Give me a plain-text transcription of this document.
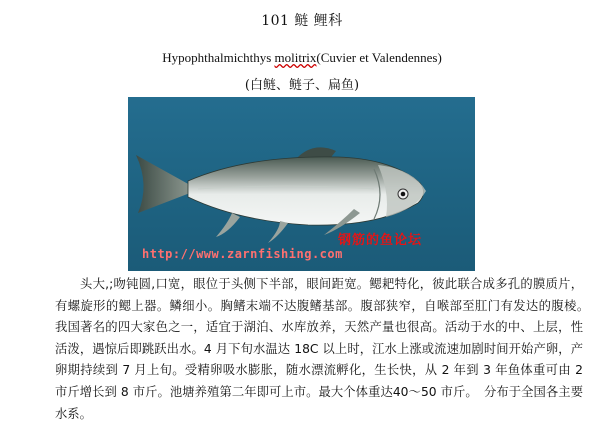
101 鲢 鲤科
Hypophthalmichthys molitrix(Cuvier et Valendennes)
(白鲢、鲢子、扁鱼)
钢筋的鱼论坛
http://www.zarnfishing.com
头大,;吻钝圆,口宽，眼位于头侧下半部，眼间距宽。鳃耙特化，彼此联合成多孔的膜质片，有螺旋形的鳃上器。鳞细小。胸鳍末端不达腹鳍基部。腹部狭窄，自喉部至肛门有发达的腹棱。　我国著名的四大家色之一，适宜于湖泊、水库放养，天然产量也很高。活动于水的中、上层，性活泼，遇惊后即跳跃出水。4 月下旬水温达 18C 以上时，江水上涨或流速加剧时间开始产卵，产卵期持续到 7 月上旬。受精卵吸水膨胀，随水漂流孵化，生长快，从 2 年到 3 年鱼体重可由 2 市斤增长到 8 市斤。池塘养殖第二年即可上市。最大个体重达40～50 市斤。　分布于全国各主要水系。
